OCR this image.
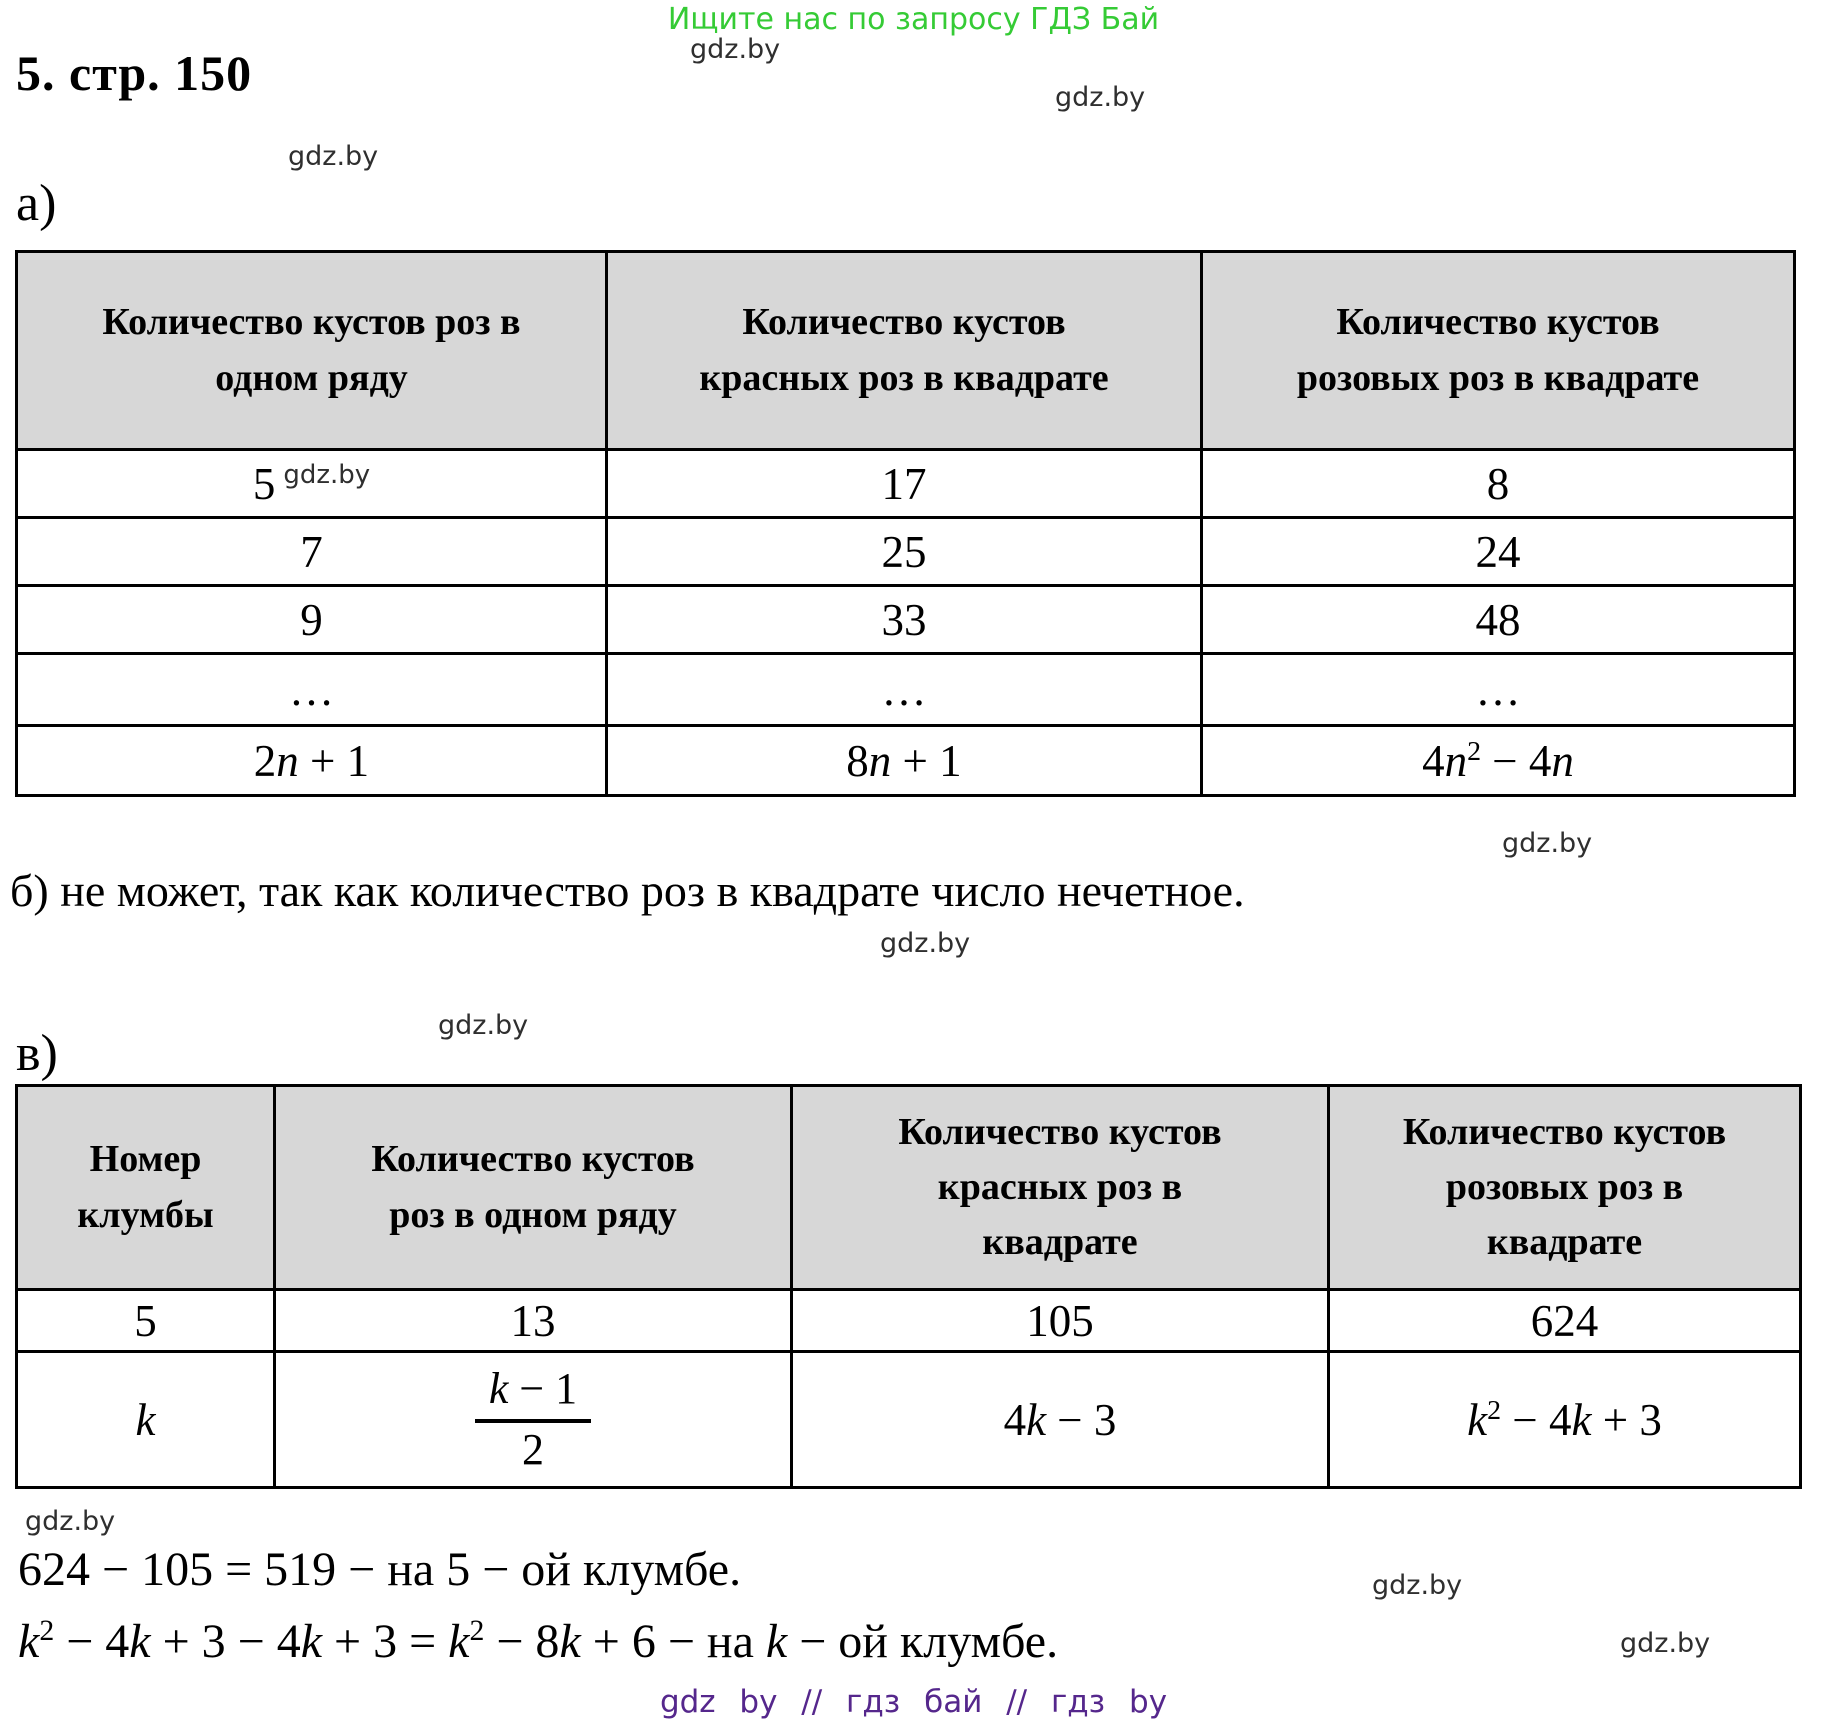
Ищите нас по запросу ГДЗ Бай
gdz.by
gdz.by
gdz.by
gdz.by
gdz.by
gdz.by
gdz.by
gdz.by
gdz.by
5. стр. 150
а)
Количество кустов роз в одном ряду	Количество кустов красных роз в квадрате	Количество кустов розовых роз в квадрате
5 $^{gdz.by}$	17	8
7	25	24
9	33	48
…	…	…
2n + 1	8n + 1	$4n^2 - 4n$
б) не может, так как количество роз в квадрате число нечетное.
в)
Номер клумбы	Количество кустов роз в одном ряду	Количество кустов красных роз в квадрате	Количество кустов розовых роз в квадрате
5	13	105	624
k	$\frac{k - 1}{2}$	4k − 3	$k^2 - 4k + 3$
624 − 105 = 519 − на 5 − ой клумбе.
$k^2 - 4k + 3 - 4k + 3 = k^2 - 8k + 6$ − на k − ой клумбе.
gdz by // гдз бай // гдз by
